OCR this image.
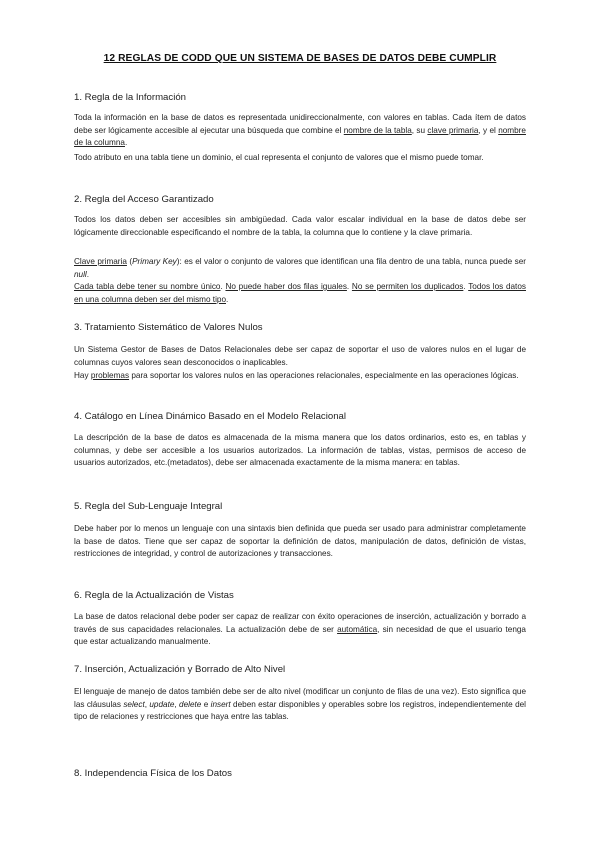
12 REGLAS DE CODD QUE UN SISTEMA DE BASES DE DATOS DEBE CUMPLIR
1. Regla de la Información
Toda la información en la base de datos es representada unidireccionalmente, con valores en tablas. Cada ítem de datos debe ser lógicamente accesible al ejecutar una búsqueda que combine el nombre de la tabla, su clave primaria, y el nombre de la columna.
Todo atributo en una tabla tiene un dominio, el cual representa el conjunto de valores que el mismo puede tomar.
2. Regla del Acceso Garantizado
Todos los datos deben ser accesibles sin ambigüedad. Cada valor escalar individual en la base de datos debe ser lógicamente direccionable especificando el nombre de la tabla, la columna que lo contiene y la clave primaria.
Clave primaria (Primary Key): es el valor o conjunto de valores que identifican una fila dentro de una tabla, nunca puede ser null.
Cada tabla debe tener su nombre único. No puede haber dos filas iguales. No se permiten los duplicados. Todos los datos en una columna deben ser del mismo tipo.
3. Tratamiento Sistemático de Valores Nulos
Un Sistema Gestor de Bases de Datos Relacionales debe ser capaz de soportar el uso de valores nulos en el lugar de columnas cuyos valores sean desconocidos o inaplicables.
Hay problemas para soportar los valores nulos en las operaciones relacionales, especialmente en las operaciones lógicas.
4. Catálogo en Línea Dinámico Basado en el Modelo Relacional
La descripción de la base de datos es almacenada de la misma manera que los datos ordinarios, esto es, en tablas y columnas, y debe ser accesible a los usuarios autorizados. La información de tablas, vistas, permisos de acceso de usuarios autorizados, etc.(metadatos), debe ser almacenada exactamente de la misma manera: en tablas.
5. Regla del Sub-Lenguaje Integral
Debe haber por lo menos un lenguaje con una sintaxis bien definida que pueda ser usado para administrar completamente la base de datos. Tiene que ser capaz de soportar la definición de datos, manipulación de datos, definición de vistas, restricciones de integridad, y control de autorizaciones y transacciones.
6. Regla de la Actualización de Vistas
La base de datos relacional debe poder ser capaz de realizar con éxito operaciones de inserción, actualización y borrado a través de sus capacidades relacionales. La actualización debe de ser automática, sin necesidad de que el usuario tenga que estar actualizando manualmente.
7. Inserción, Actualización y Borrado de Alto Nivel
El lenguaje de manejo de datos también debe ser de alto nivel (modificar un conjunto de filas de una vez). Esto significa que las cláusulas select, update, delete e insert deben estar disponibles y operables sobre los registros, independientemente del tipo de relaciones y restricciones que haya entre las tablas.
8. Independencia Física de los Datos
